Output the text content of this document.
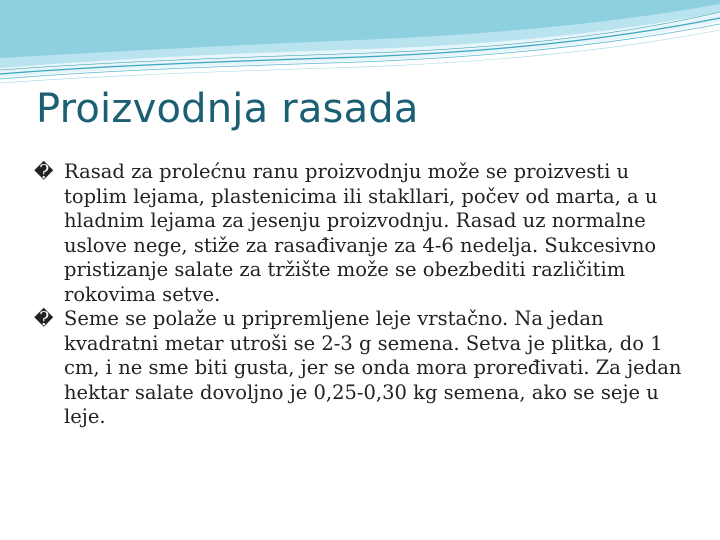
Proizvodnja rasada

� Rasad za prolećnu ranu proizvodnju može se proizvesti u toplim lejama, plastenicima ili stakllari, počev od marta, a u hladnim lejama za jesenju proizvodnju. Rasad uz normalne uslove nege, stiže za rasađivanje za 4-6 nedelja. Sukcesivno pristizanje salate za tržište može se obezbediti različitim rokovima setve.

� Seme se polaže u pripremljene leje vrstačno. Na jedan kvadratni metar utroši se 2-3 g semena. Setva je plitka, do 1 cm, i ne sme biti gusta, jer se onda mora proređivati. Za jedan hektar salate dovoljno je 0,25-0,30 kg semena, ako se seje u leje.
